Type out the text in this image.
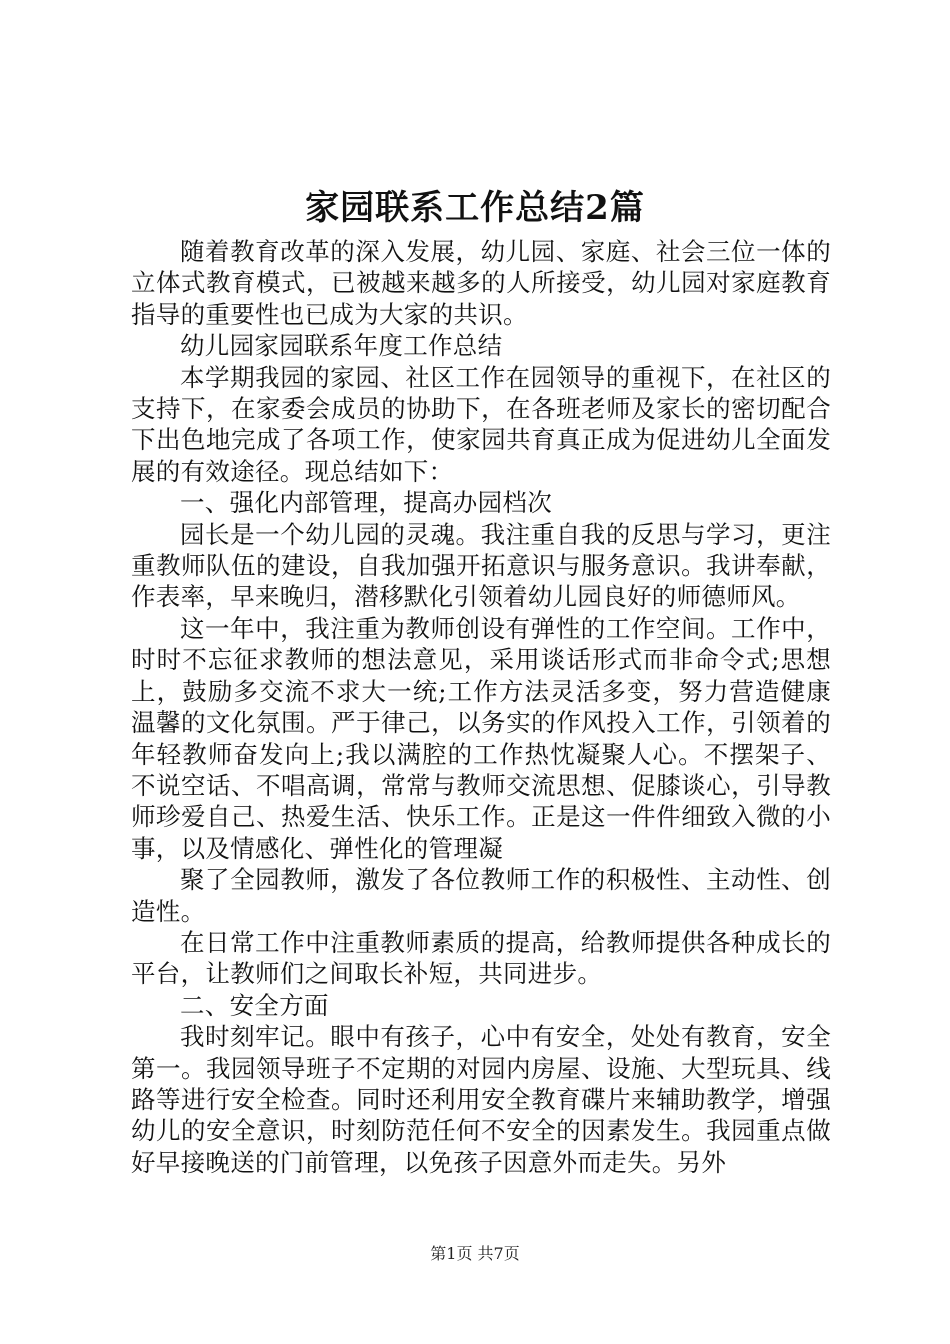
家园联系工作总结2篇

随着教育改革的深入发展，幼儿园、家庭、社会三位一体的立体式教育模式，已被越来越多的人所接受，幼儿园对家庭教育指导的重要性也已成为大家的共识。

幼儿园家园联系年度工作总结

本学期我园的家园、社区工作在园领导的重视下，在社区的支持下，在家委会成员的协助下，在各班老师及家长的密切配合下出色地完成了各项工作，使家园共育真正成为促进幼儿全面发展的有效途径。现总结如下：

一、强化内部管理，提高办园档次

园长是一个幼儿园的灵魂。我注重自我的反思与学习，更注重教师队伍的建设，自我加强开拓意识与服务意识。我讲奉献，作表率，早来晚归，潜移默化引领着幼儿园良好的师德师风。

这一年中，我注重为教师创设有弹性的工作空间。工作中，时时不忘征求教师的想法意见，采用谈话形式而非命令式;思想上，鼓励多交流不求大一统;工作方法灵活多变，努力营造健康温馨的文化氛围。严于律己，以务实的作风投入工作，引领着的年轻教师奋发向上;我以满腔的工作热忱凝聚人心。不摆架子、不说空话、不唱高调，常常与教师交流思想、促膝谈心，引导教师珍爱自己、热爱生活、快乐工作。正是这一件件细致入微的小事，以及情感化、弹性化的管理凝

聚了全园教师，激发了各位教师工作的积极性、主动性、创造性。

在日常工作中注重教师素质的提高，给教师提供各种成长的平台，让教师们之间取长补短，共同进步。

二、安全方面

我时刻牢记。眼中有孩子，心中有安全，处处有教育，安全第一。我园领导班子不定期的对园内房屋、设施、大型玩具、线路等进行安全检查。同时还利用安全教育碟片来辅助教学，增强幼儿的安全意识，时刻防范任何不安全的因素发生。我园重点做好早接晚送的门前管理，以免孩子因意外而走失。另外

第1页 共7页
